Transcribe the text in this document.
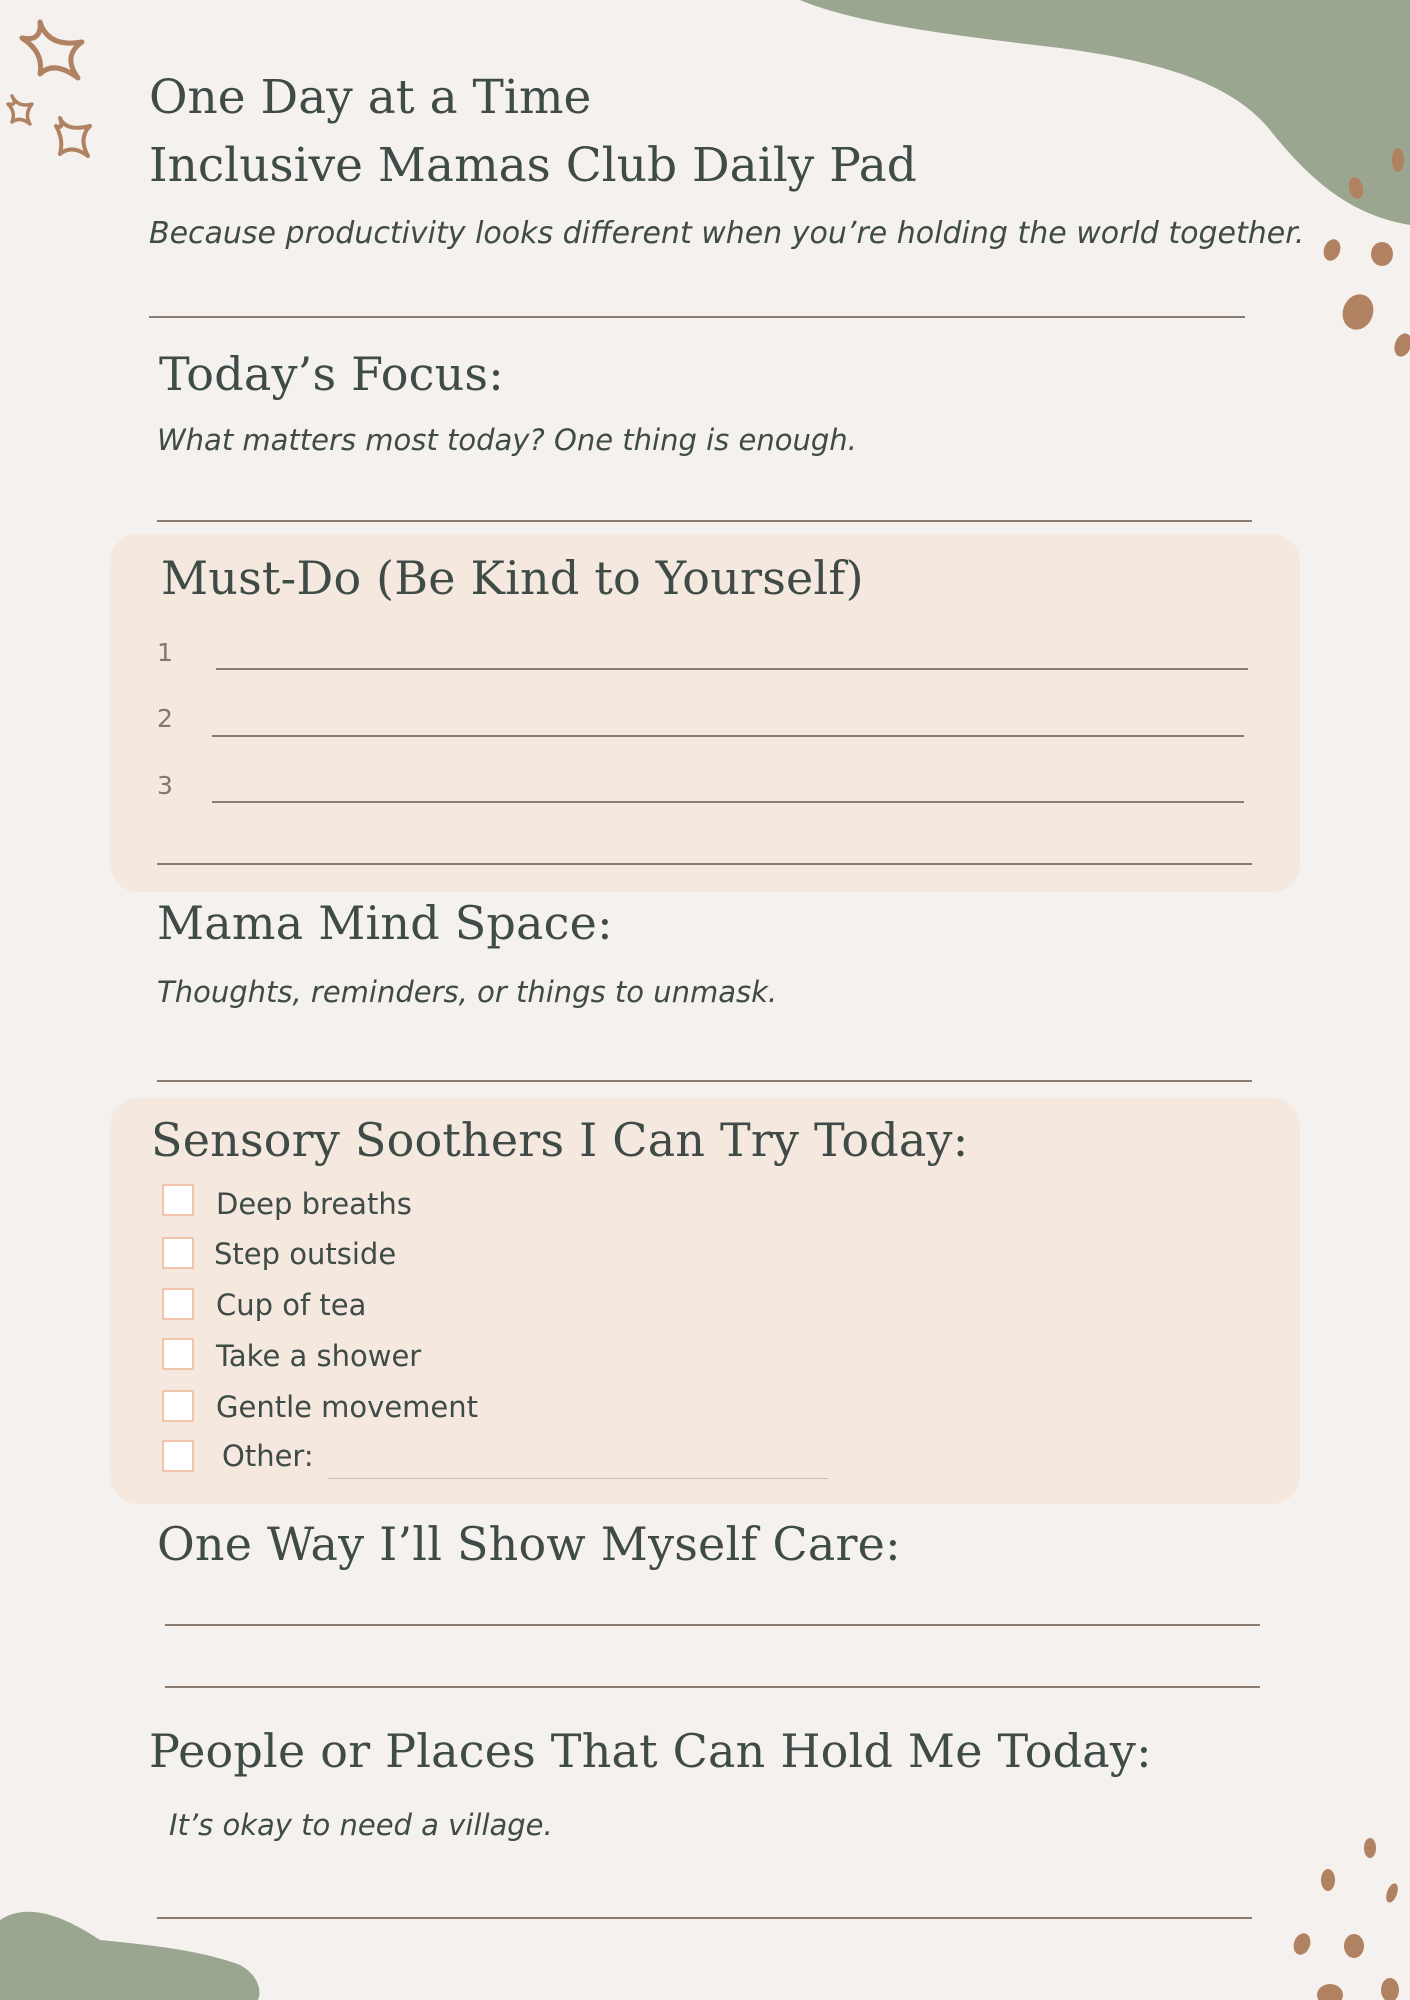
One Day at a Time
Inclusive Mamas Club Daily Pad
Because productivity looks different when you’re holding the world together.
Today’s Focus:
What matters most today? One thing is enough.
Must-Do (Be Kind to Yourself)
1
2
3
Mama Mind Space:
Thoughts, reminders, or things to unmask.
Sensory Soothers I Can Try Today:
Deep breaths
Step outside
Cup of tea
Take a shower
Gentle movement
Other:
One Way I’ll Show Myself Care:
People or Places That Can Hold Me Today:
It’s okay to need a village.
